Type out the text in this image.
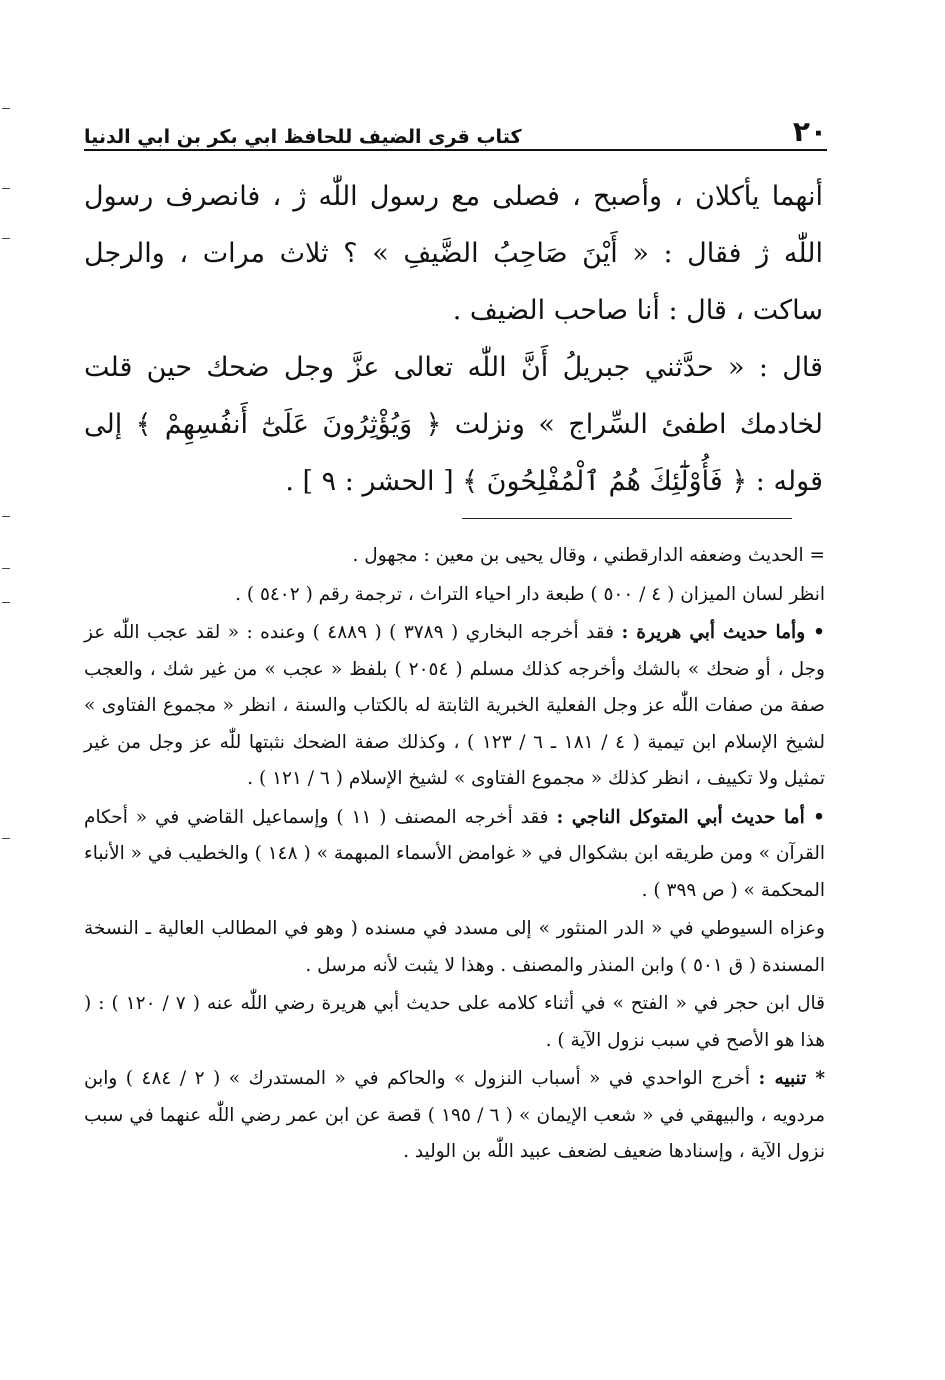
٢٠
كتاب قرى الضيف للحافظ ابي بكر بن ابي الدنيا

أنهما يأكلان ، وأصبح ، فصلى مع رسول اللّٰه ژ ، فانصرف رسول اللّٰه ژ فقال : « أَيْنَ صَاحِبُ الضَّيفِ » ؟ ثلاث مرات ، والرجل ساكت ، قال : أنا صاحب الضيف .

قال : « حدَّثني جبريلُ أَنَّ اللّٰه تعالى عزَّ وجل ضحك حين قلت لخادمك اطفئ السِّراج » ونزلت ﴿ وَيُؤْثِرُونَ عَلَىٰٓ أَنفُسِهِمْ ﴾ إلى قوله : ﴿ فَأُوْلَٰٓئِكَ هُمُ ٱلْمُفْلِحُونَ ﴾ [ الحشر : ٩ ] .

= الحديث وضعفه الدارقطني ، وقال يحيى بن معين : مجهول .

انظر لسان الميزان ( ٤ / ٥٠٠ ) طبعة دار احياء التراث ، ترجمة رقم ( ٥٤٠٢ ) .

• وأما حديث أبي هريرة : فقد أخرجه البخاري ( ٣٧٨٩ ) ( ٤٨٨٩ ) وعنده : « لقد عجب اللّٰه عز وجل ، أو ضحك » بالشك وأخرجه كذلك مسلم ( ٢٠٥٤ ) بلفظ « عجب » من غير شك ، والعجب صفة من صفات اللّٰه عز وجل الفعلية الخبرية الثابتة له بالكتاب والسنة ، انظر « مجموع الفتاوى » لشيخ الإسلام ابن تيمية ( ٤ / ١٨١ ـ ٦ / ١٢٣ ) ، وكذلك صفة الضحك نثبتها للّٰه عز وجل من غير تمثيل ولا تكييف ، انظر كذلك « مجموع الفتاوى » لشيخ الإسلام ( ٦ / ١٢١ ) .

• أما حديث أبي المتوكل الناجي : فقد أخرجه المصنف ( ١١ ) وإسماعيل القاضي في « أحكام القرآن » ومن طريقه ابن بشكوال في « غوامض الأسماء المبهمة » ( ١٤٨ ) والخطيب في « الأنباء المحكمة » ( ص ٣٩٩ ) .

وعزاه السيوطي في « الدر المنثور » إلى مسدد في مسنده ( وهو في المطالب العالية ـ النسخة المسندة ( ق ٥٠١ ) وابن المنذر والمصنف . وهذا لا يثبت لأنه مرسل .

قال ابن حجر في « الفتح » في أثناء كلامه على حديث أبي هريرة رضي اللّٰه عنه ( ٧ / ١٢٠ ) : ( هذا هو الأصح في سبب نزول الآية ) .

* تنبيه : أخرج الواحدي في « أسباب النزول » والحاكم في « المستدرك » ( ٢ / ٤٨٤ ) وابن مردويه ، والبيهقي في « شعب الإيمان » ( ٦ / ١٩٥ ) قصة عن ابن عمر رضي اللّٰه عنهما في سبب نزول الآية ، وإسنادها ضعيف لضعف عبيد اللّٰه بن الوليد .
